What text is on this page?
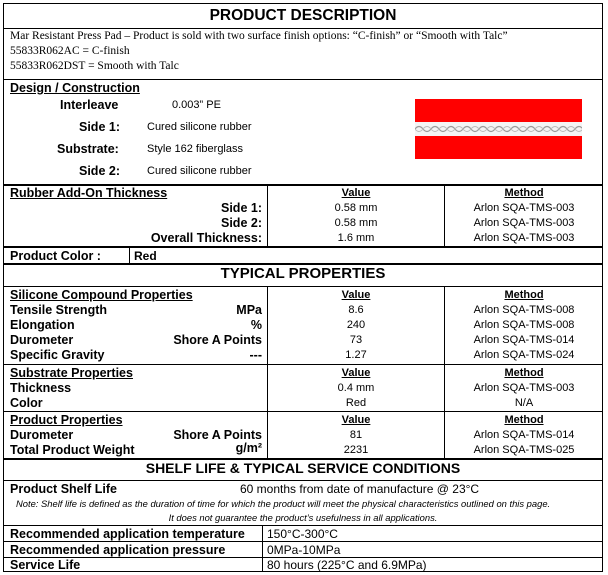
PRODUCT DESCRIPTION
Mar Resistant Press Pad – Product is sold with two surface finish options: “C-finish” or “Smooth with Talc”
55833R062AC = C-finish
55833R062DST = Smooth with Talc
Design / Construction
Interleave	0.003” PE
Side 1: Cured silicone rubber
Substrate:	Style 162 fiberglass
Side 2: Cured silicone rubber
Rubber Add-On Thickness	Value	Method
Side 1:	0.58 mm	Arlon SQA-TMS-003
Side 2:	0.58 mm	Arlon SQA-TMS-003
Overall Thickness:	1.6 mm	Arlon SQA-TMS-003
Product Color :	Red
TYPICAL PROPERTIES
Silicone Compound Properties	Value	Method
Tensile Strength	MPa	8.6	Arlon SQA-TMS-008
Elongation	%	240	Arlon SQA-TMS-008
Durometer	Shore A Points	73	Arlon SQA-TMS-014
Specific Gravity	---	1.27	Arlon SQA-TMS-024
Substrate Properties	Value	Method
Thickness	0.4 mm	Arlon SQA-TMS-003
Color	Red	N/A
Product Properties	Value	Method
Durometer	Shore A Points	81	Arlon SQA-TMS-014
Total Product Weight	g/m²	2231	Arlon SQA-TMS-025
SHELF LIFE & TYPICAL SERVICE CONDITIONS
Product Shelf Life	60 months from date of manufacture @ 23°C
Note: Shelf life is defined as the duration of time for which the product will meet the physical characteristics outlined on this page.
It does not guarantee the product’s usefulness in all applications.
Recommended application temperature 150°C-300°C
Recommended application pressure	0MPa-10MPa
Service Life	80 hours (225°C and 6.9MPa)
